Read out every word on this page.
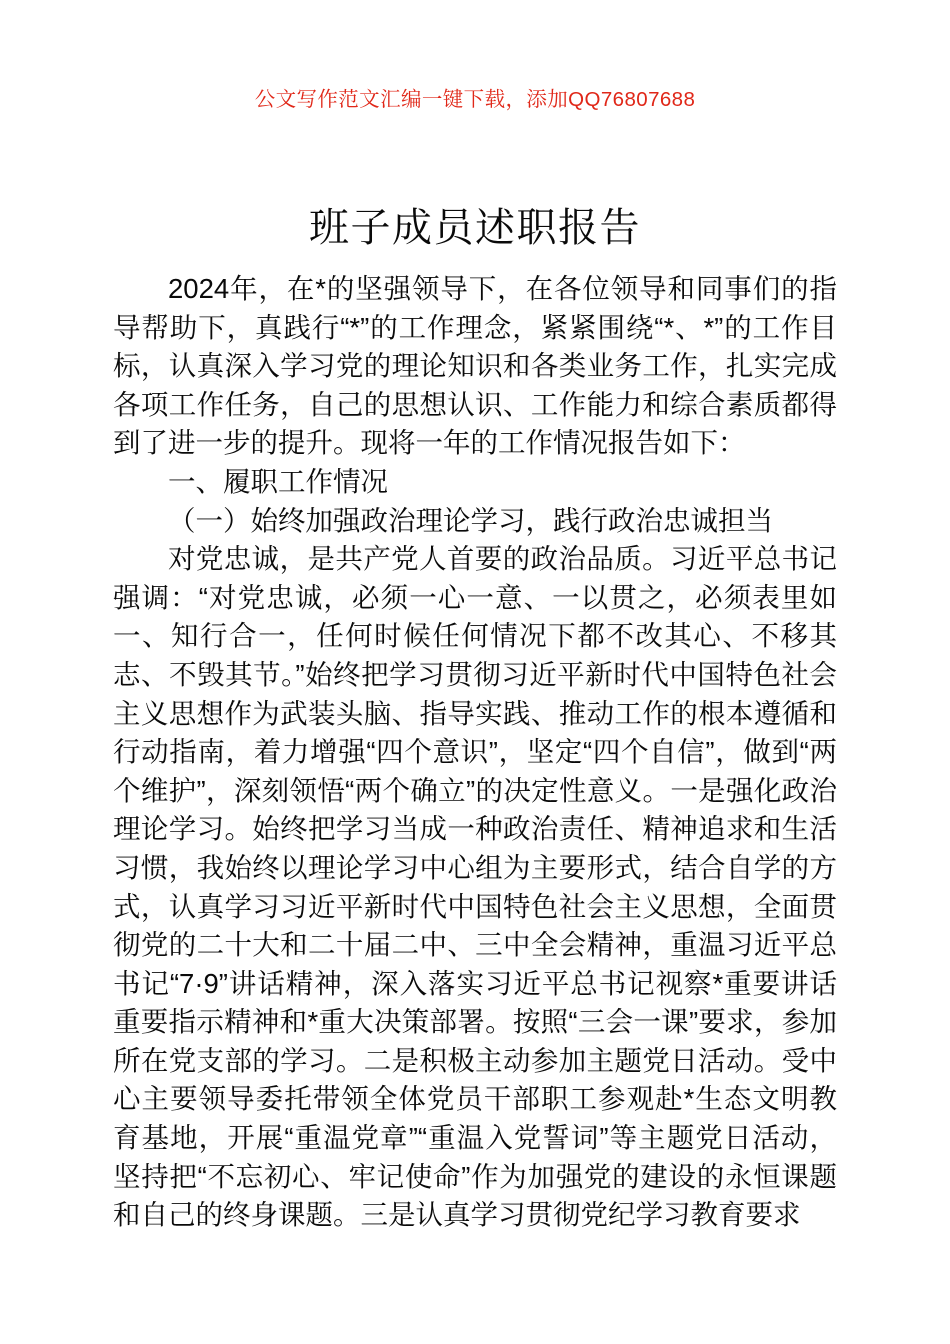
公文写作范文汇编一键下载，添加QQ76807688
班子成员述职报告

2024年，在*的坚强领导下，在各位领导和同事们的指导帮助下，真践行“*”的工作理念，紧紧围绕“*、*”的工作目标，认真深入学习党的理论知识和各类业务工作，扎实完成各项工作任务，自己的思想认识、工作能力和综合素质都得到了进一步的提升。现将一年的工作情况报告如下：

一、履职工作情况

（一）始终加强政治理论学习，践行政治忠诚担当

对党忠诚，是共产党人首要的政治品质。习近平总书记强调：“对党忠诚，必须一心一意、一以贯之，必须表里如一、知行合一，任何时候任何情况下都不改其心、不移其志、不毁其节。”始终把学习贯彻习近平新时代中国特色社会主义思想作为武装头脑、指导实践、推动工作的根本遵循和行动指南，着力增强“四个意识”，坚定“四个自信”，做到“两个维护”，深刻领悟“两个确立”的决定性意义。一是强化政治理论学习。始终把学习当成一种政治责任、精神追求和生活习惯，我始终以理论学习中心组为主要形式，结合自学的方式，认真学习习近平新时代中国特色社会主义思想，全面贯彻党的二十大和二十届二中、三中全会精神，重温习近平总书记“7·9”讲话精神，深入落实习近平总书记视察*重要讲话重要指示精神和*重大决策部署。按照“三会一课”要求，参加所在党支部的学习。二是积极主动参加主题党日活动。受中心主要领导委托带领全体党员干部职工参观赴*生态文明教育基地，开展“重温党章”“重温入党誓词”等主题党日活动，坚持把“不忘初心、牢记使命”作为加强党的建设的永恒课题和自己的终身课题。三是认真学习贯彻党纪学习教育要求
